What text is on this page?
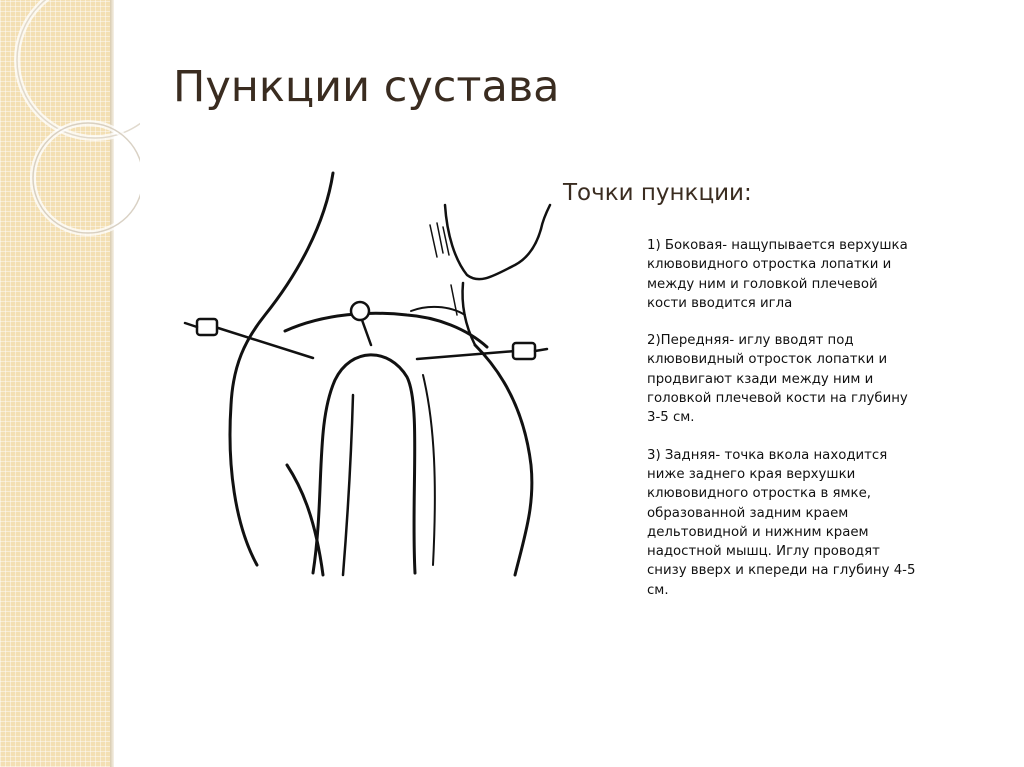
Пункции сустава
Точки пункции:

1) Боковая- нащупывается верхушка
клювовидного отростка лопатки и
между ним и головкой плечевой
кости вводится игла

2)Передняя- иглу вводят под
клювовидный отросток лопатки и
продвигают кзади между ним и
головкой плечевой кости на глубину
3-5 см.

3) Задняя- точка вкола находится
ниже заднего края верхушки
клювовидного отростка в ямке,
образованной задним краем
дельтовидной и нижним краем
надостной мышц. Иглу проводят
снизу вверх и кпереди на глубину 4-5
см.
